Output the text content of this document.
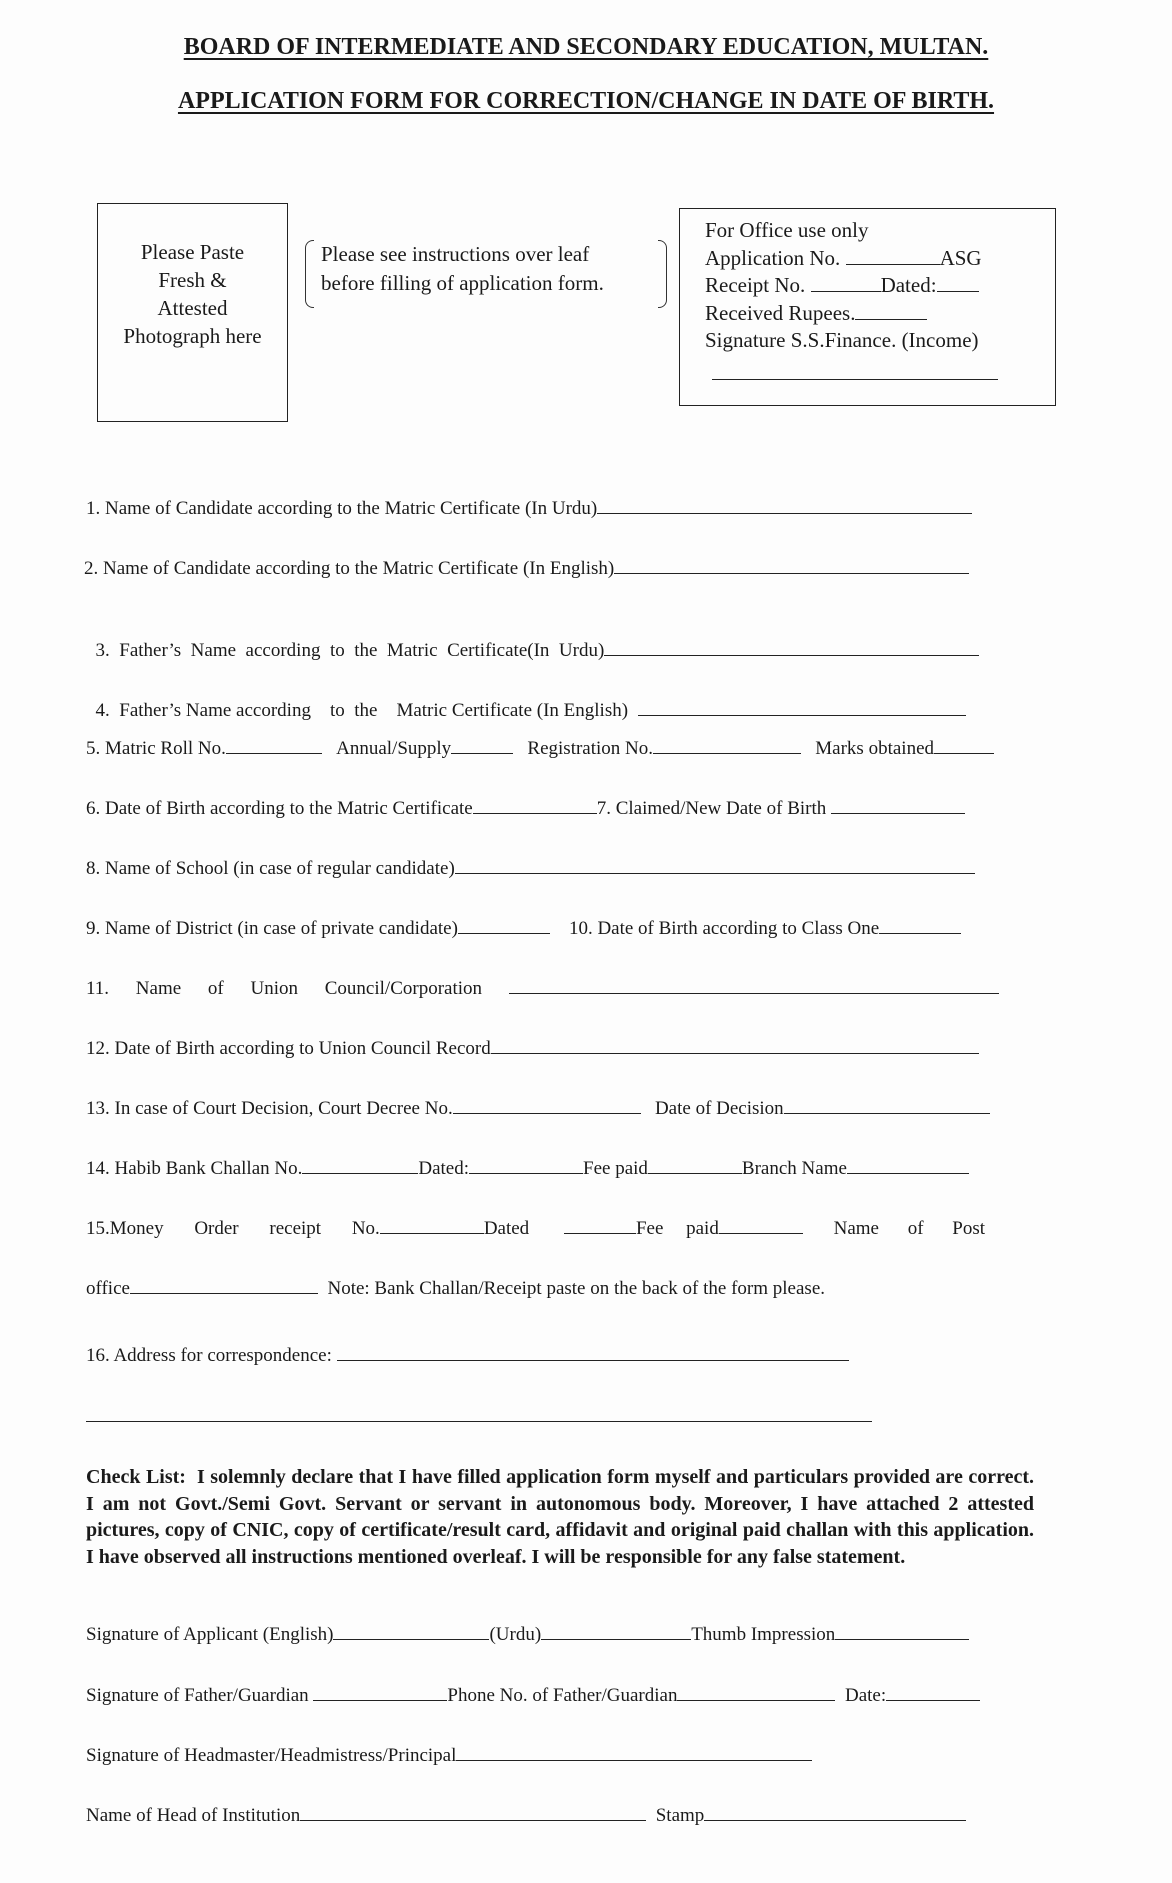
BOARD OF INTERMEDIATE AND SECONDARY EDUCATION, MULTAN.
APPLICATION FORM FOR CORRECTION/CHANGE IN DATE OF BIRTH.
Please Paste
Fresh &
Attested
Photograph here
Please see instructions over leaf
before filling of application form.
For Office use only
Application No.	ASG
Receipt No.	Dated:
Received Rupees.
Signature S.S.Finance. (Income)
1. Name of Candidate according to the Matric Certificate (In Urdu)
2. Name of Candidate according to the Matric Certificate (In English)

3.  Father’s  Name  according  to  the  Matric  Certificate(In  Urdu)

4.  Father’s Name according to  the Matric Certificate (In English)

5. Matric Roll No.	Annual/Supply	Registration No.	Marks obtained
6. Date of Birth according to the Matric Certificate	7. Claimed/New Date of Birth
8. Name of School (in case of regular candidate)
9. Name of District (in case of private candidate)	10. Date of Birth according to Class One
11. Name of Union Council/Corporation
12. Date of Birth according to Union Council Record
13. In case of Court Decision, Court Decree No.	Date of Decision
14. Habib Bank Challan No.	Dated:	Fee paid	Branch Name
15.Money Order receipt No.	Dated	Fee paid	Name of Post
office	Note: Bank Challan/Receipt paste on the back of the form please.
16. Address for correspondence:
Check List: I solemnly declare that I have filled application form myself and particulars provided are correct. I am not Govt./Semi Govt. Servant or servant in autonomous body. Moreover, I have attached 2 attested pictures, copy of CNIC, copy of certificate/result card, affidavit and original paid challan with this application. I have observed all instructions mentioned overleaf. I will be responsible for any false statement.
Signature of Applicant (English)	(Urdu)	Thumb Impression
Signature of Father/Guardian	Phone No. of Father/Guardian	Date:
Signature of Headmaster/Headmistress/Principal
Name of Head of Institution	Stamp
